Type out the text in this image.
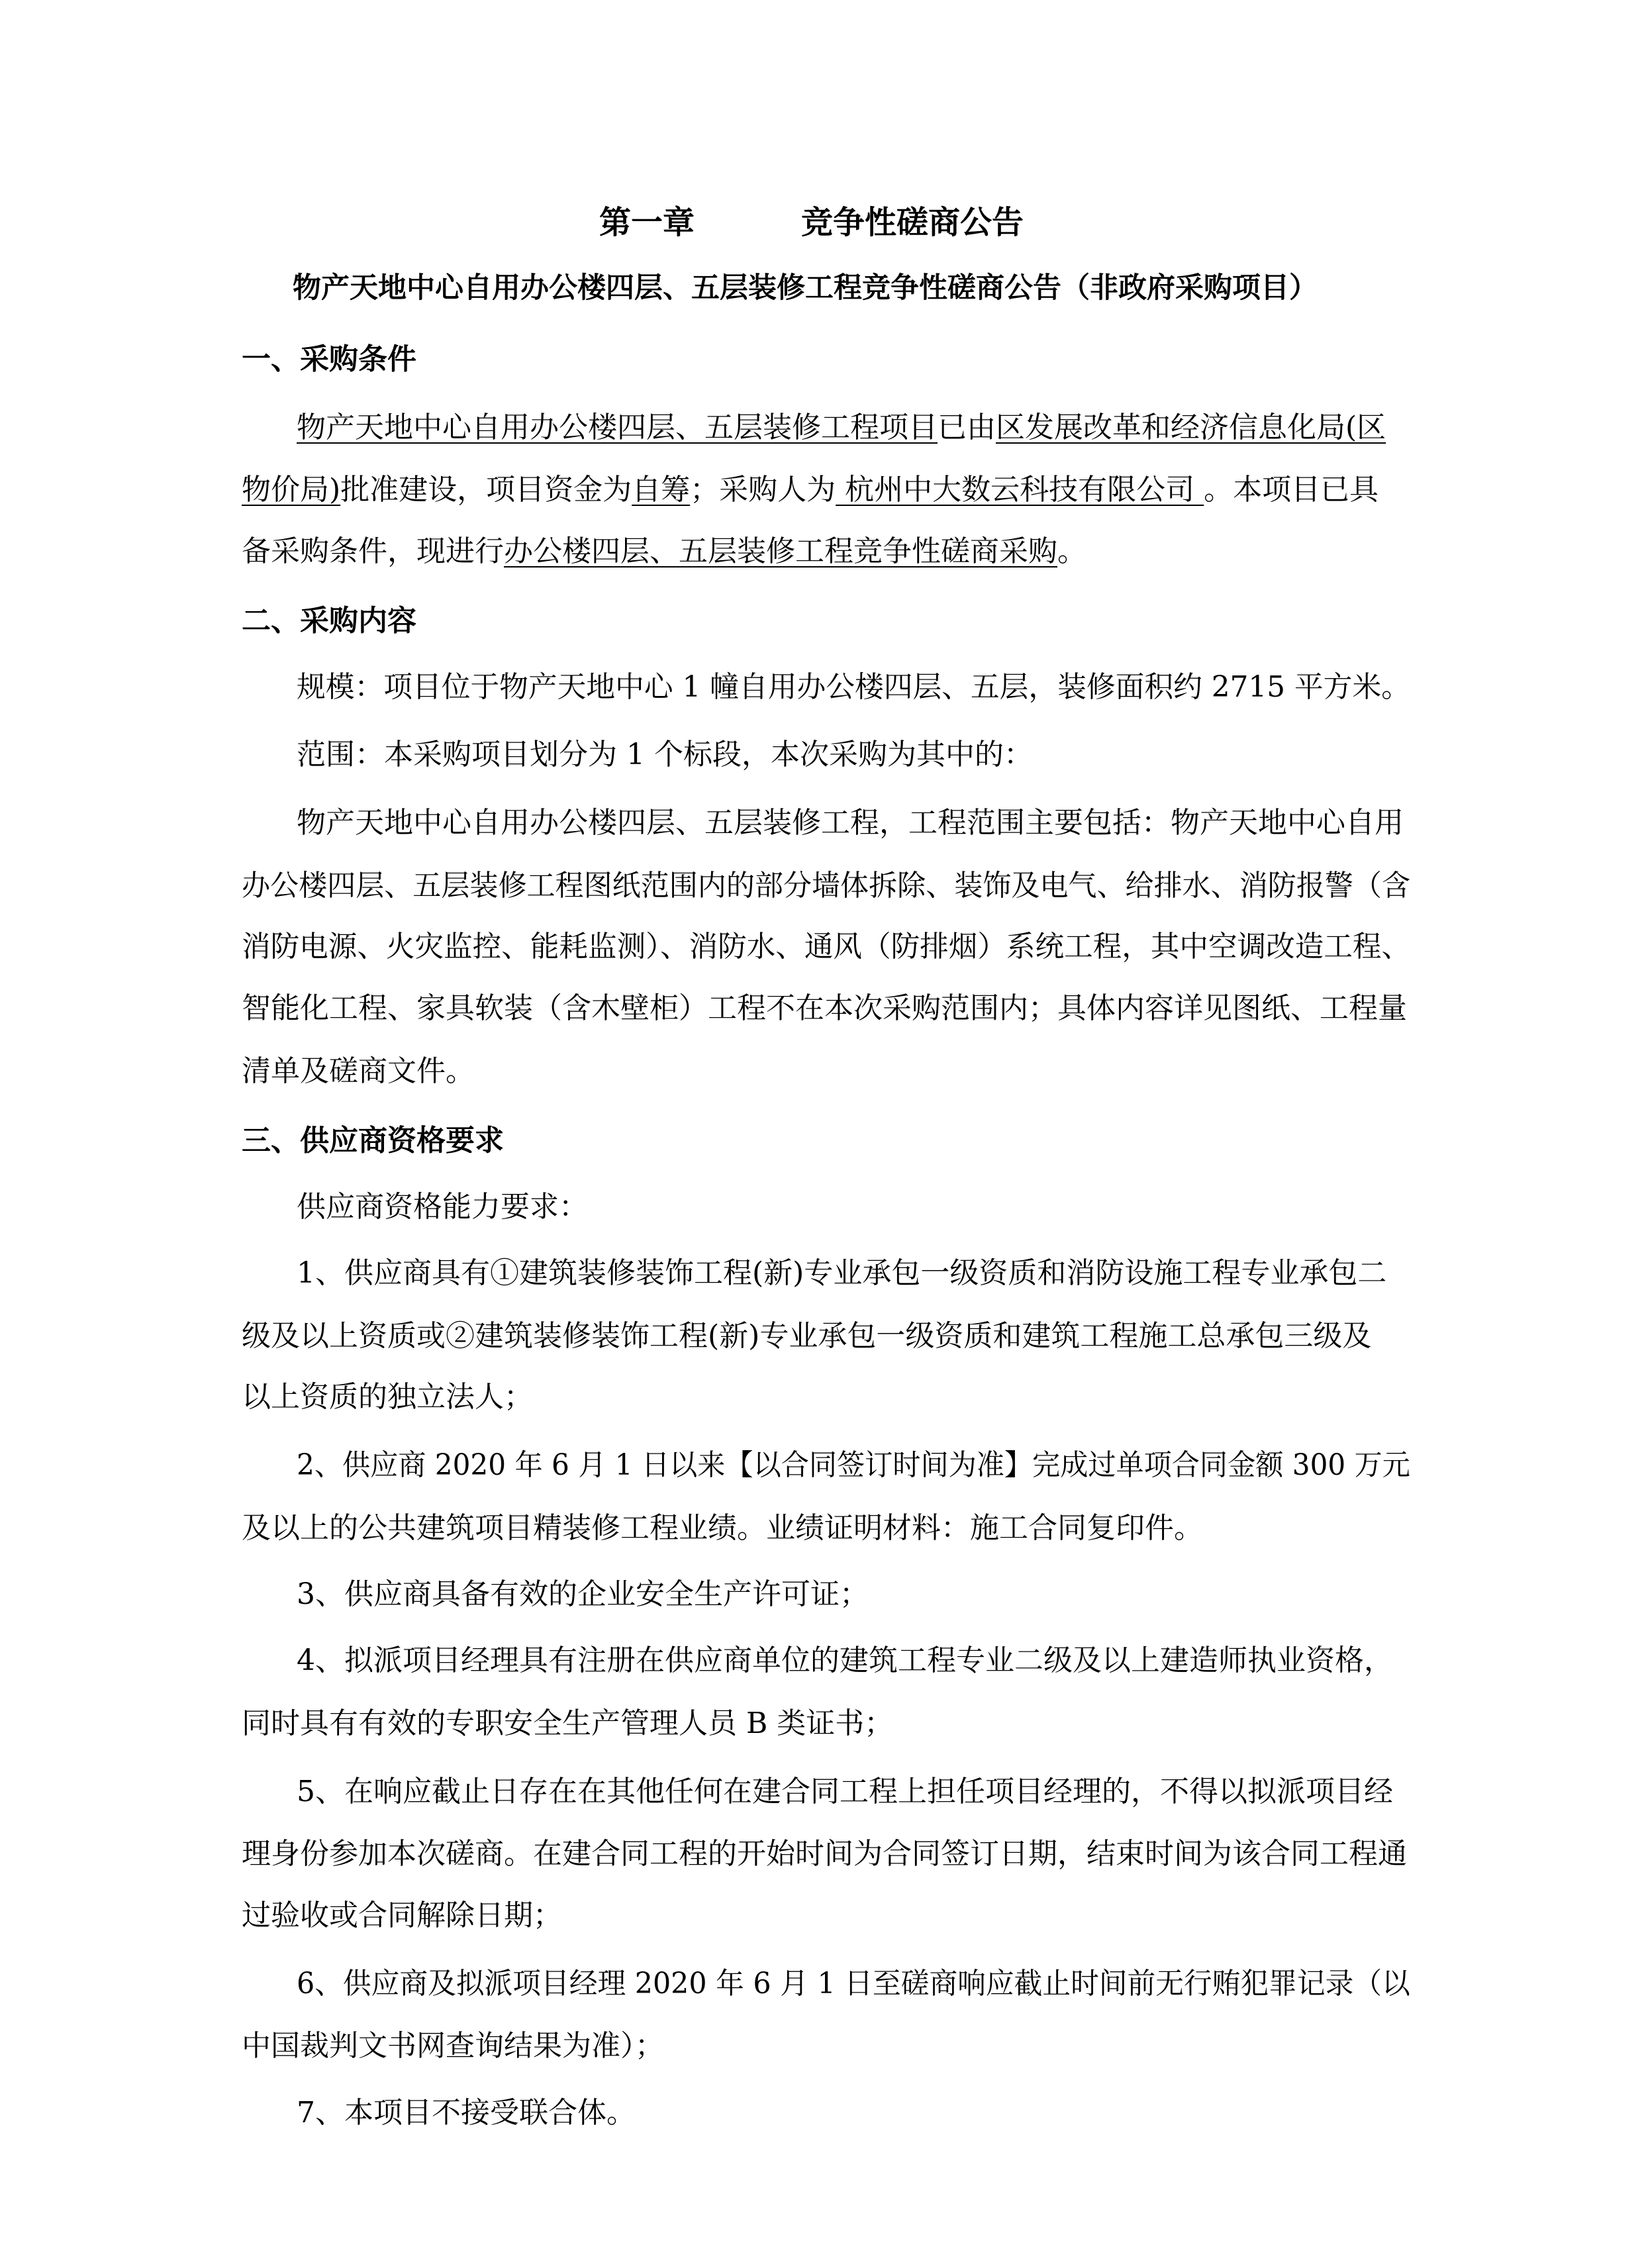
第一章	竞争性磋商公告
物产天地中心自用办公楼四层、五层装修工程竞争性磋商公告（非政府采购项目）
一、采购条件
物产天地中心自用办公楼四层、五层装修工程项目已由区发展改革和经济信息化局(区
物价局)批准建设，项目资金为自筹；采购人为 杭州中大数云科技有限公司 。本项目已具
备采购条件，现进行办公楼四层、五层装修工程竞争性磋商采购。
二、采购内容
规模：项目位于物产天地中心 1 幢自用办公楼四层、五层，装修面积约 2715 平方米。
范围：本采购项目划分为 1 个标段，本次采购为其中的：
物产天地中心自用办公楼四层、五层装修工程，工程范围主要包括：物产天地中心自用
办公楼四层、五层装修工程图纸范围内的部分墙体拆除、装饰及电气、给排水、消防报警（含
消防电源、火灾监控、能耗监测）、消防水、通风（防排烟）系统工程，其中空调改造工程、
智能化工程、家具软装（含木壁柜）工程不在本次采购范围内；具体内容详见图纸、工程量
清单及磋商文件。
三、供应商资格要求
供应商资格能力要求：
1、供应商具有①建筑装修装饰工程(新)专业承包一级资质和消防设施工程专业承包二
级及以上资质或②建筑装修装饰工程(新)专业承包一级资质和建筑工程施工总承包三级及
以上资质的独立法人；
2、供应商 2020 年 6 月 1 日以来【以合同签订时间为准】完成过单项合同金额 300 万元
及以上的公共建筑项目精装修工程业绩。业绩证明材料：施工合同复印件。
3、供应商具备有效的企业安全生产许可证；
4、拟派项目经理具有注册在供应商单位的建筑工程专业二级及以上建造师执业资格，
同时具有有效的专职安全生产管理人员 B 类证书；
5、在响应截止日存在在其他任何在建合同工程上担任项目经理的，不得以拟派项目经
理身份参加本次磋商。在建合同工程的开始时间为合同签订日期，结束时间为该合同工程通
过验收或合同解除日期；
6、供应商及拟派项目经理 2020 年 6 月 1 日至磋商响应截止时间前无行贿犯罪记录（以
中国裁判文书网查询结果为准）；
7、本项目不接受联合体。
